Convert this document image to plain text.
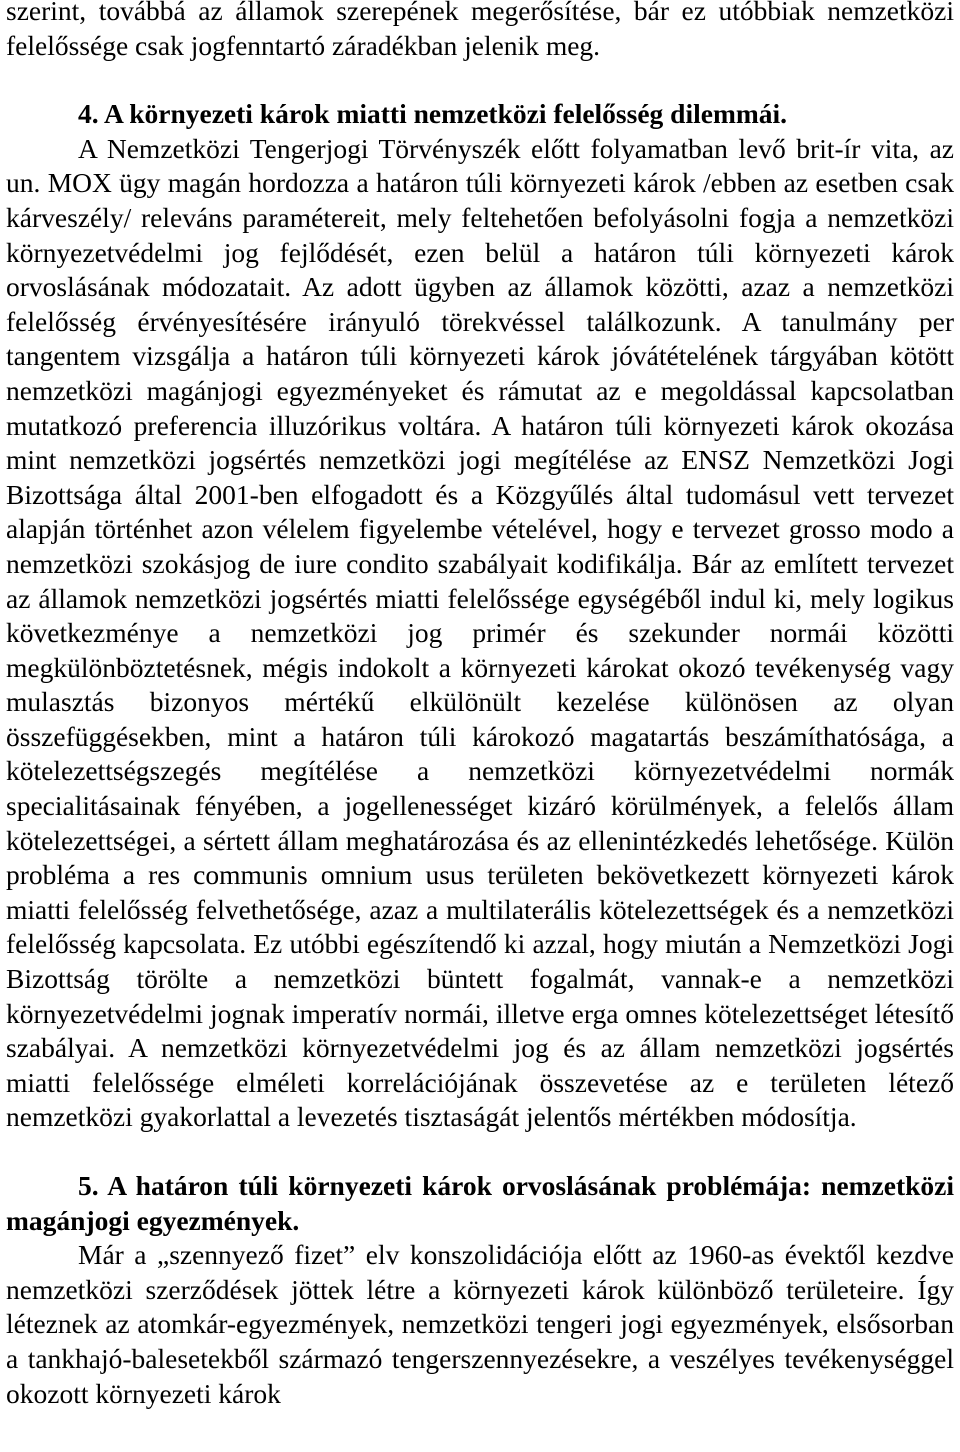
szerint, továbbá az államok szerepének megerősítése, bár ez utóbbiak nemzetközi felelőssége csak jogfenntartó záradékban jelenik meg.

4. A környezeti károk miatti nemzetközi felelősség dilemmái.

A Nemzetközi Tengerjogi Törvényszék előtt folyamatban levő brit-ír vita, az un. MOX ügy magán hordozza a határon túli környezeti károk /ebben az esetben csak kárveszély/ releváns paramétereit, mely feltehetően befolyásolni fogja a nemzetközi környezetvédelmi jog fejlődését, ezen belül a határon túli környezeti károk orvoslásának módozatait. Az adott ügyben az államok közötti, azaz a nemzetközi felelősség érvényesítésére irányuló törekvéssel találkozunk. A tanulmány per tangentem vizsgálja a határon túli környezeti károk jóvátételének tárgyában kötött nemzetközi magánjogi egyezményeket és rámutat az e megoldással kapcsolatban mutatkozó preferencia illuzórikus voltára. A határon túli környezeti károk okozása mint nemzetközi jogsértés nemzetközi jogi megítélése az ENSZ Nemzetközi Jogi Bizottsága által 2001-ben elfogadott és a Közgyűlés által tudomásul vett tervezet alapján történhet azon vélelem figyelembe vételével, hogy e tervezet grosso modo a nemzetközi szokásjog de iure condito szabályait kodifikálja. Bár az említett tervezet az államok nemzetközi jogsértés miatti felelőssége egységéből indul ki, mely logikus következménye a nemzetközi jog primér és szekunder normái közötti megkülönböztetésnek, mégis indokolt a környezeti károkat okozó tevékenység vagy mulasztás bizonyos mértékű elkülönült kezelése különösen az olyan összefüggésekben, mint a határon túli károkozó magatartás beszámíthatósága, a kötelezettségszegés megítélése a nemzetközi környezetvédelmi normák specialitásainak fényében, a jogellenességet kizáró körülmények, a felelős állam kötelezettségei, a sértett állam meghatározása és az ellenintézkedés lehetősége. Külön probléma a res communis omnium usus területen bekövetkezett környezeti károk miatti felelősség felvethetősége, azaz a multilaterális kötelezettségek és a nemzetközi felelősség kapcsolata. Ez utóbbi egészítendő ki azzal, hogy miután a Nemzetközi Jogi Bizottság törölte a nemzetközi büntett fogalmát, vannak-e a nemzetközi környezetvédelmi jognak imperatív normái, illetve erga omnes kötelezettséget létesítő szabályai. A nemzetközi környezetvédelmi jog és az állam nemzetközi jogsértés miatti felelőssége elméleti korrelációjának összevetése az e területen létező nemzetközi gyakorlattal a levezetés tisztaságát jelentős mértékben módosítja.

5. A határon túli környezeti károk orvoslásának problémája: nemzetközi magánjogi egyezmények.

Már a „szennyező fizet” elv konszolidációja előtt az 1960-as évektől kezdve nemzetközi szerződések jöttek létre a környezeti károk különböző területeire. Így léteznek az atomkár-egyezmények, nemzetközi tengeri jogi egyezmények, elsősorban a tankhajó-balesetekből származó tengerszennyezésekre, a veszélyes tevékenységgel okozott környezeti károk
